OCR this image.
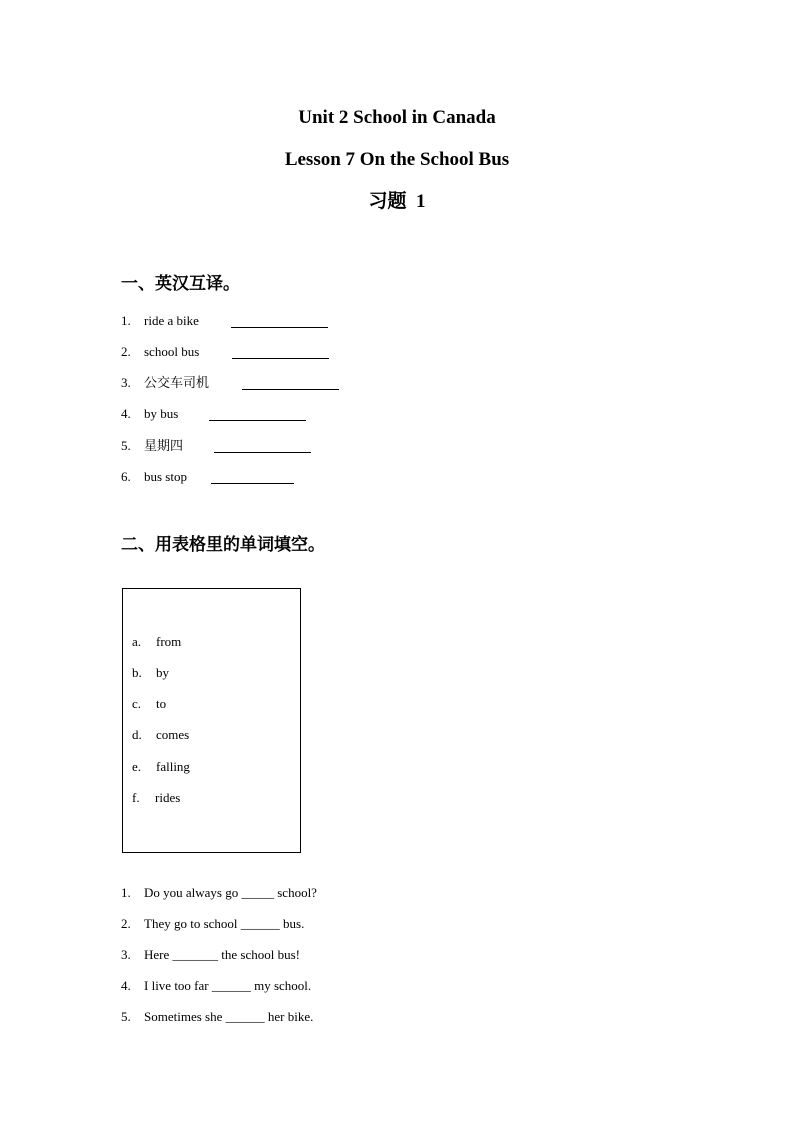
Unit 2 School in Canada
Lesson 7 On the School Bus
习题  1
一、英汉互译。
1. ride a bike
2. school bus
3. 公交车司机
4. by bus
5. 星期四
6. bus stop
二、用表格里的单词填空。
a. from
b. by
c. to
d. comes
e. falling
f. rides
1. Do you always go _____ school?
2. They go to school ______ bus.
3. Here _______ the school bus!
4. I live too far ______ my school.
5. Sometimes she ______ her bike.
